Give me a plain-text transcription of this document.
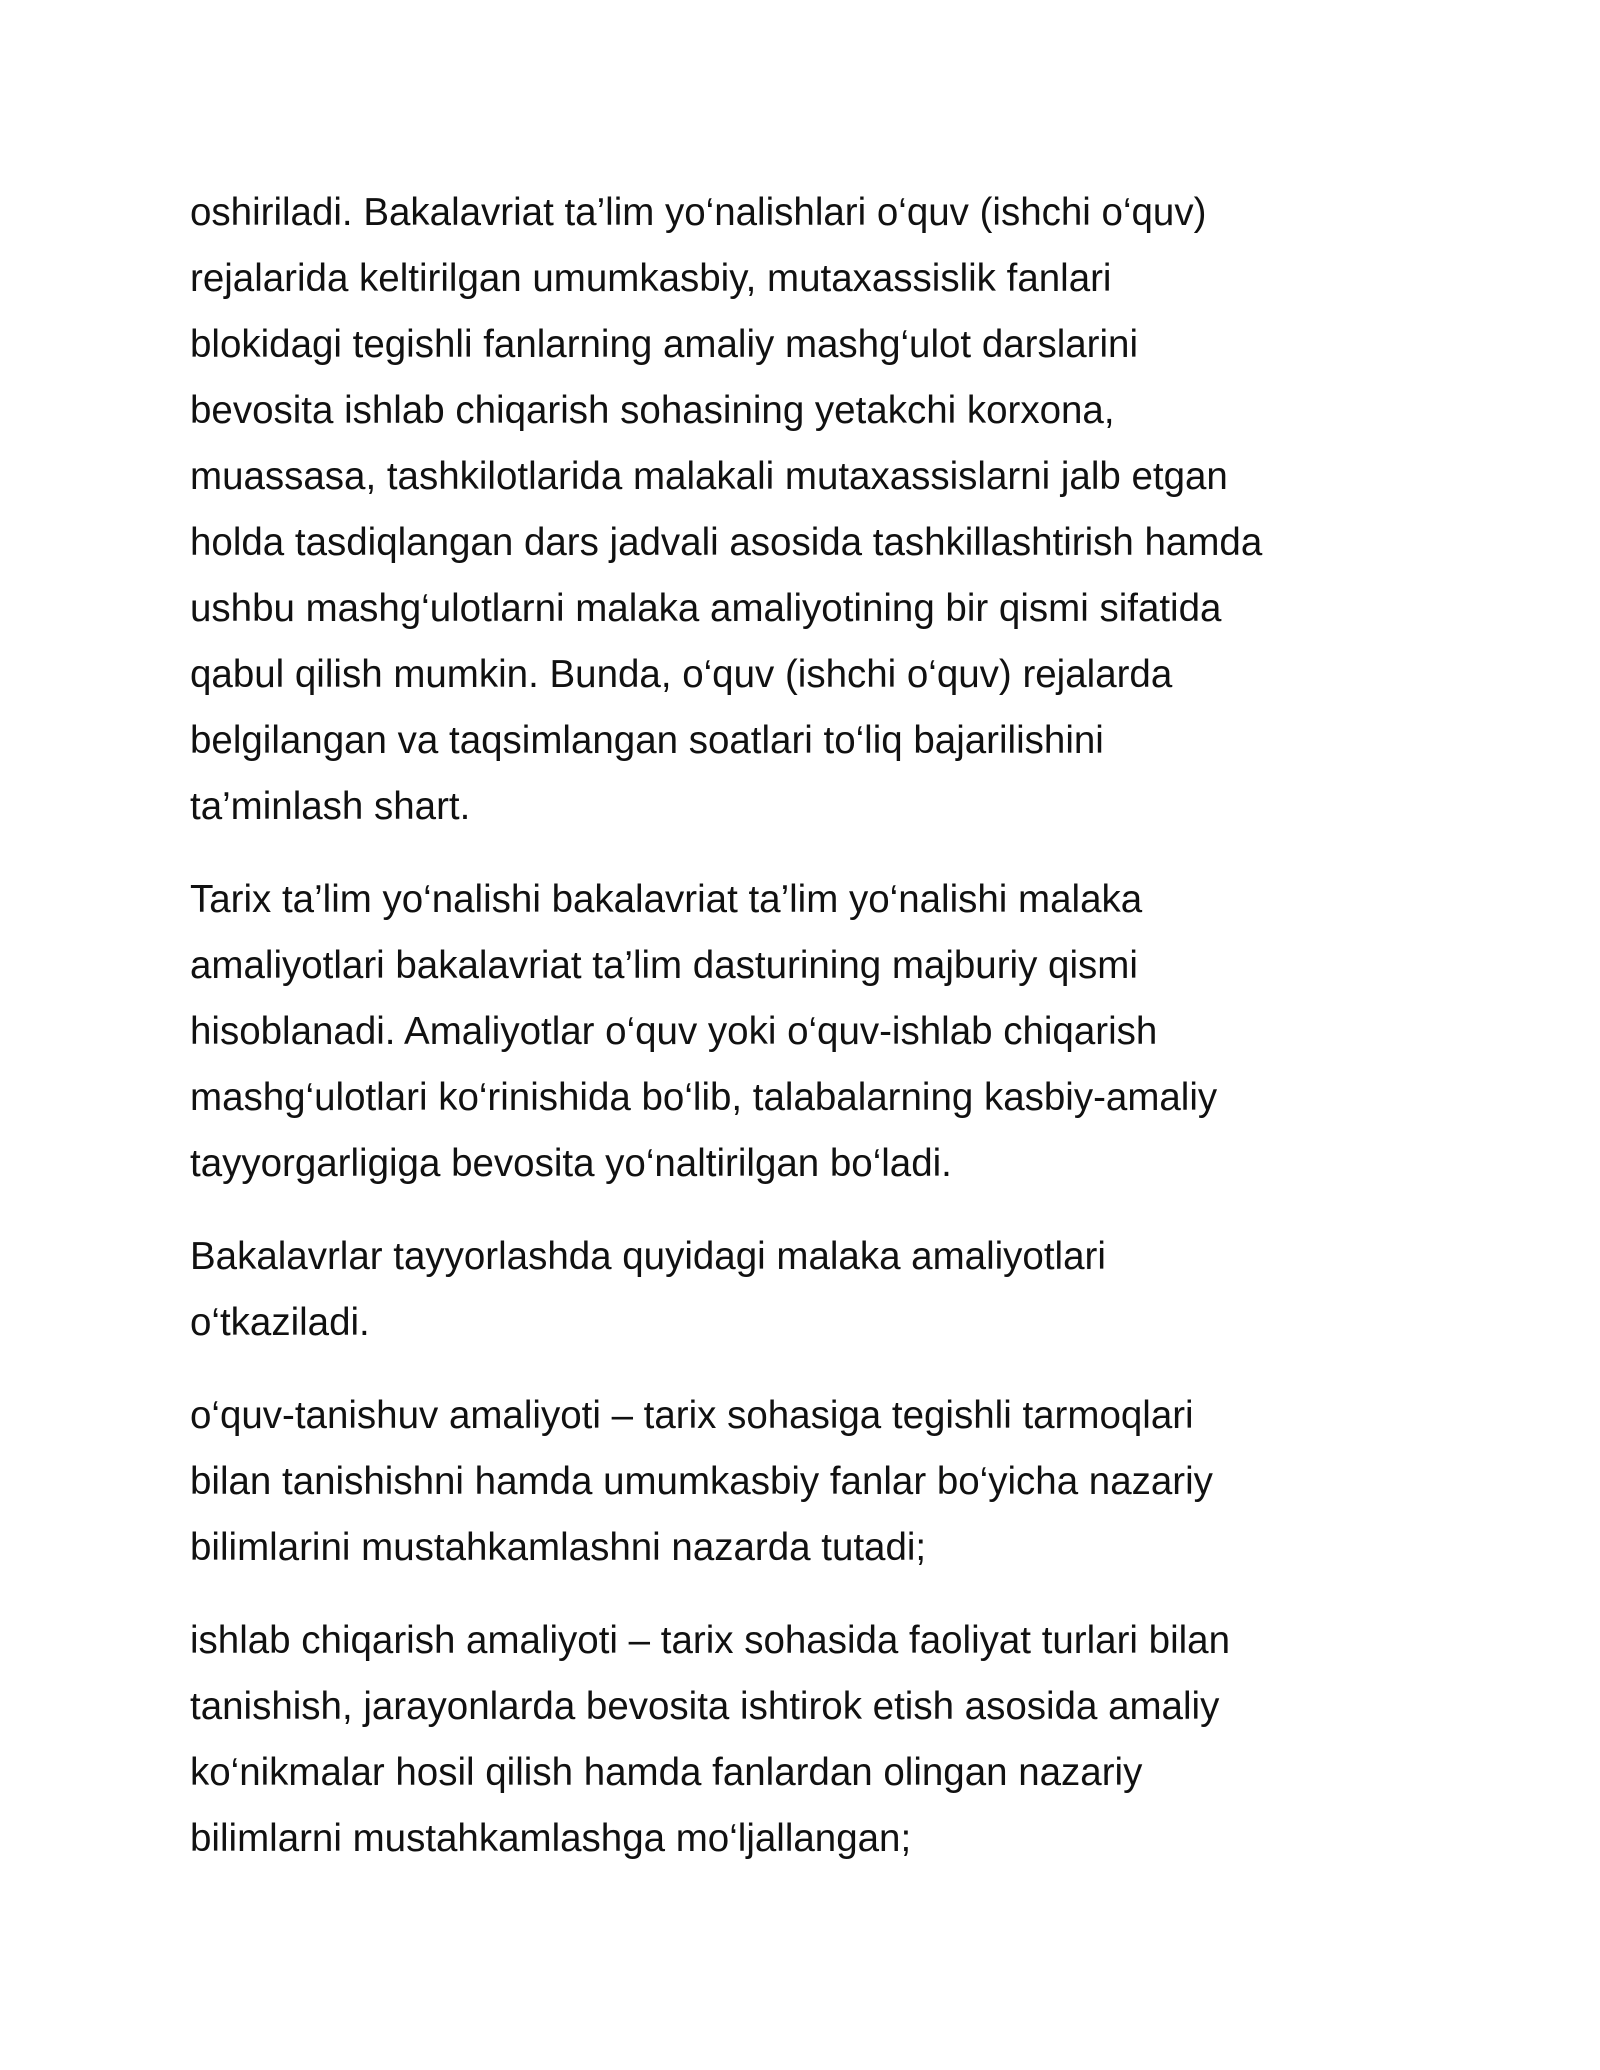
oshiriladi. Bakalavriat ta’lim yo‘nalishlari o‘quv (ishchi o‘quv)
rejalarida keltirilgan umumkasbiy, mutaxassislik fanlari
blokidagi tegishli fanlarning amaliy mashg‘ulot darslarini
bevosita ishlab chiqarish sohasining yetakchi korxona,
muassasa, tashkilotlarida malakali mutaxassislarni jalb etgan
holda tasdiqlangan dars jadvali asosida tashkillashtirish hamda
ushbu mashg‘ulotlarni malaka amaliyotining bir qismi sifatida
qabul qilish mumkin. Bunda, o‘quv (ishchi o‘quv) rejalarda
belgilangan va taqsimlangan soatlari to‘liq bajarilishini
ta’minlash shart.

Tarix ta’lim yo‘nalishi bakalavriat ta’lim yo‘nalishi malaka
amaliyotlari bakalavriat ta’lim dasturining majburiy qismi
hisoblanadi. Amaliyotlar o‘quv yoki o‘quv-ishlab chiqarish
mashg‘ulotlari ko‘rinishida bo‘lib, talabalarning kasbiy-amaliy
tayyorgarligiga bevosita yo‘naltirilgan bo‘ladi.

Bakalavrlar tayyorlashda quyidagi malaka amaliyotlari
o‘tkaziladi.

o‘quv-tanishuv amaliyoti – tarix sohasiga tegishli tarmoqlari
bilan tanishishni hamda umumkasbiy fanlar bo‘yicha nazariy
bilimlarini mustahkamlashni nazarda tutadi;

ishlab chiqarish amaliyoti – tarix sohasida faoliyat turlari bilan
tanishish, jarayonlarda bevosita ishtirok etish asosida amaliy
ko‘nikmalar hosil qilish hamda fanlardan olingan nazariy
bilimlarni mustahkamlashga mo‘ljallangan;
